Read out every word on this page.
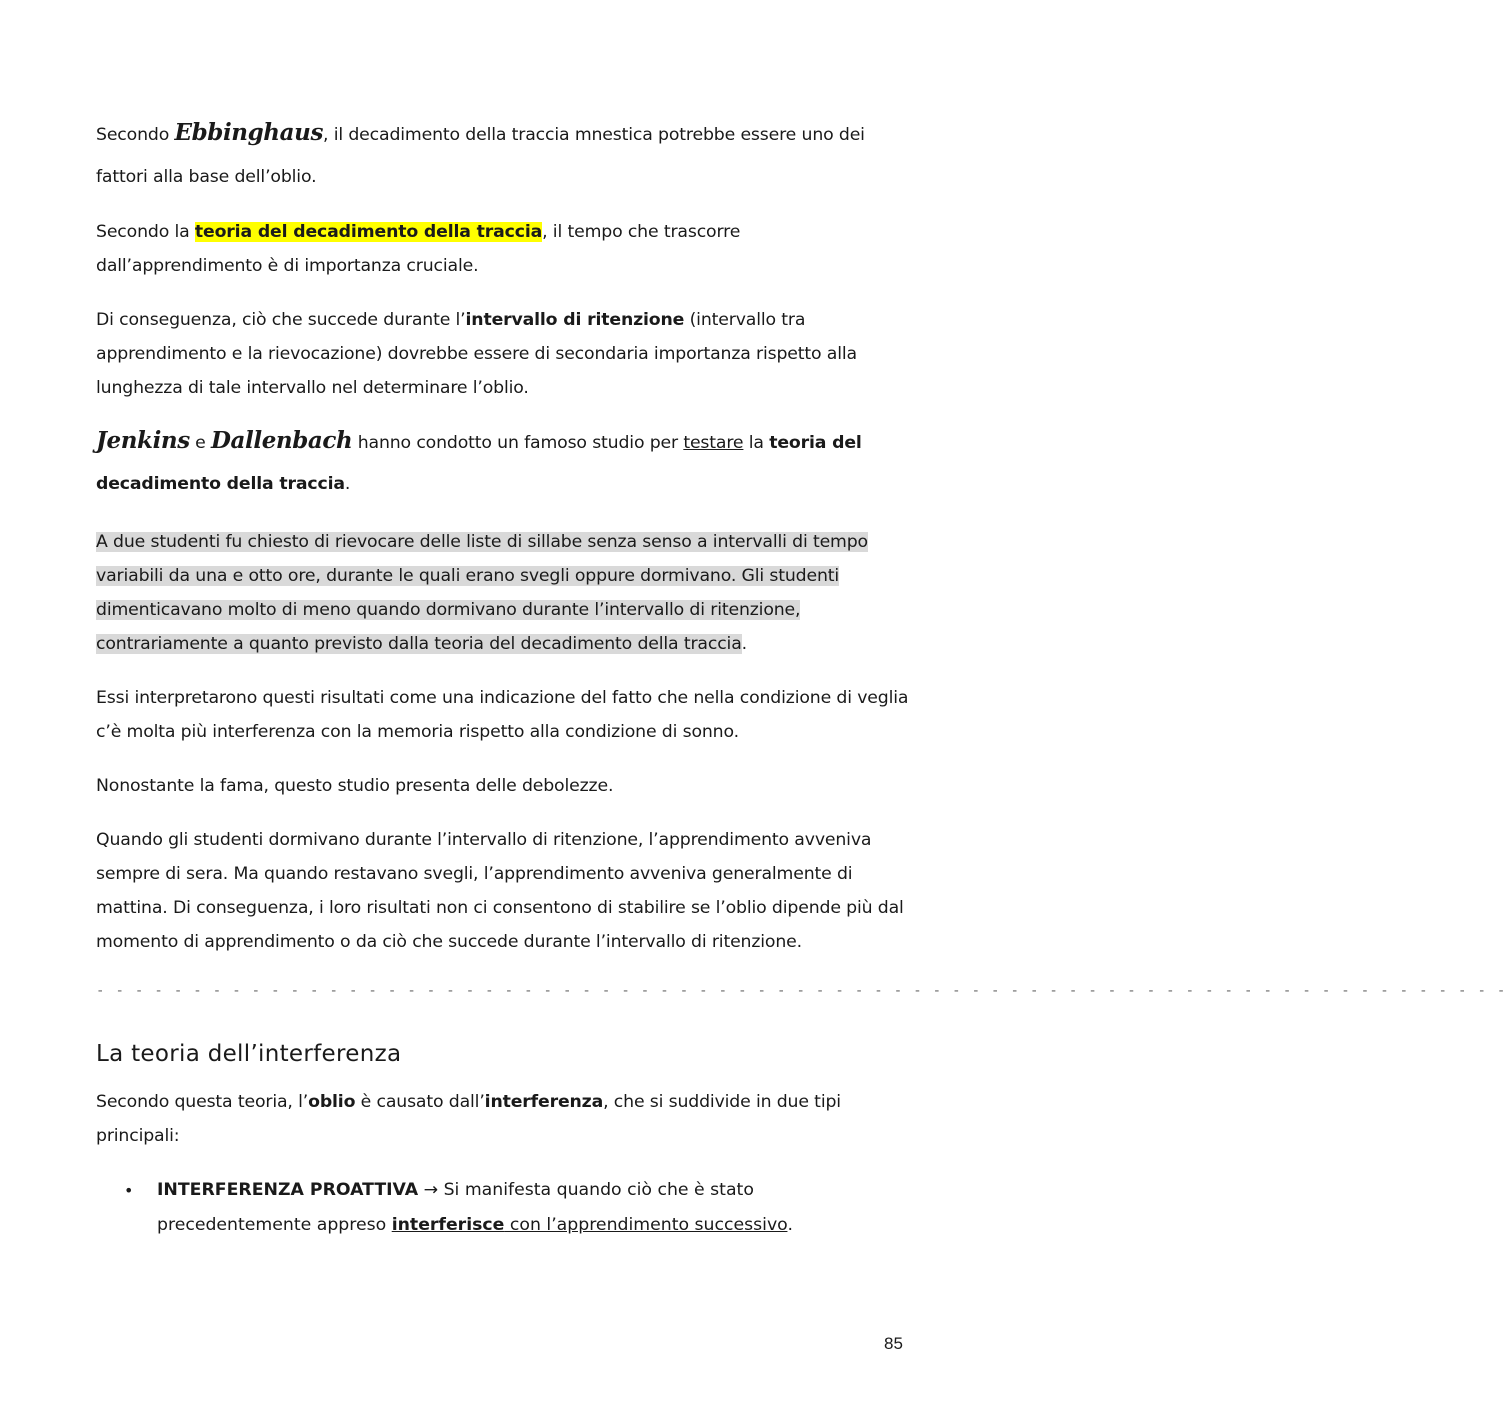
Secondo Ebbinghaus, il decadimento della traccia mnestica potrebbe essere uno dei fattori alla base dell’oblio.

Secondo la teoria del decadimento della traccia, il tempo che trascorre dall’apprendimento è di importanza cruciale.

Di conseguenza, ciò che succede durante l’intervallo di ritenzione (intervallo tra apprendimento e la rievocazione) dovrebbe essere di secondaria importanza rispetto alla lunghezza di tale intervallo nel determinare l’oblio.

Jenkins e Dallenbach hanno condotto un famoso studio per testare la teoria del decadimento della traccia.

A due studenti fu chiesto di rievocare delle liste di sillabe senza senso a intervalli di tempo variabili da una e otto ore, durante le quali erano svegli oppure dormivano. Gli studenti dimenticavano molto di meno quando dormivano durante l’intervallo di ritenzione, contrariamente a quanto previsto dalla teoria del decadimento della traccia.

Essi interpretarono questi risultati come una indicazione del fatto che nella condizione di veglia c’è molta più interferenza con la memoria rispetto alla condizione di sonno.

Nonostante la fama, questo studio presenta delle debolezze.

Quando gli studenti dormivano durante l’intervallo di ritenzione, l’apprendimento avveniva sempre di sera. Ma quando restavano svegli, l’apprendimento avveniva generalmente di mattina. Di conseguenza, i loro risultati non ci consentono di stabilire se l’oblio dipende più dal momento di apprendimento o da ciò che succede durante l’intervallo di ritenzione.

- - - - - - - - - - - - - - - - - - - - - - - - - - - - - - - - - - - - - - - - - - - - - - - - - - - - - - - - - - - - - - - - - - - - - - - - -
La teoria dell’interferenza

Secondo questa teoria, l’oblio è causato dall’interferenza, che si suddivide in due tipi principali:

• INTERFERENZA PROATTIVA → Si manifesta quando ciò che è stato precedentemente appreso interferisce con l’apprendimento successivo.
85
